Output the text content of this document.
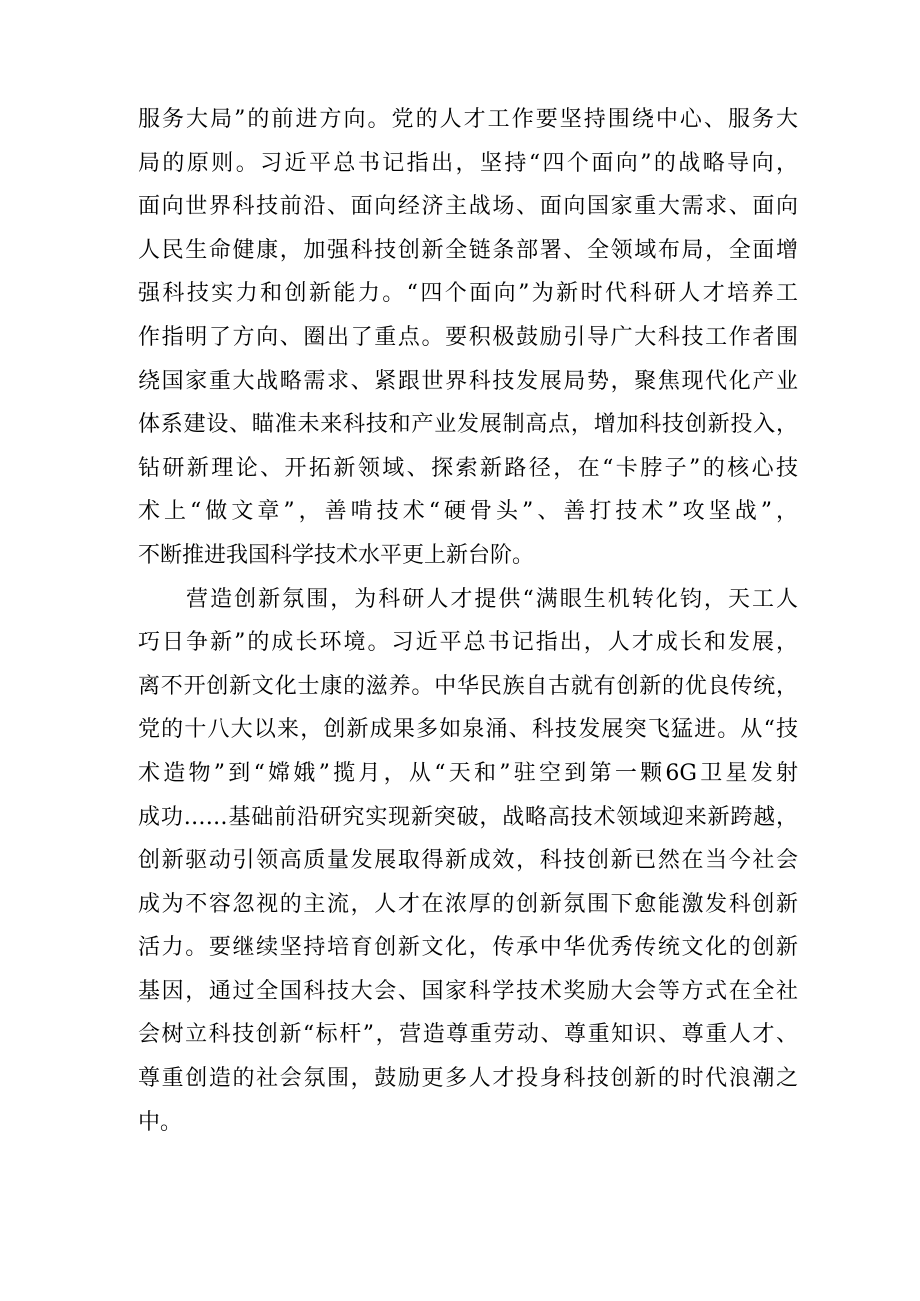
服务大局”的前进方向。党的人才工作要坚持围绕中心、服务大
局的原则。习近平总书记指出，坚持“四个面向”的战略导向，
面向世界科技前沿、面向经济主战场、面向国家重大需求、面向
人民生命健康，加强科技创新全链条部署、全领域布局，全面增
强科技实力和创新能力。“四个面向”为新时代科研人才培养工
作指明了方向、圈出了重点。要积极鼓励引导广大科技工作者围
绕国家重大战略需求、紧跟世界科技发展局势，聚焦现代化产业
体系建设、瞄准未来科技和产业发展制高点，增加科技创新投入，
钻研新理论、开拓新领域、探索新路径，在“卡脖子”的核心技
术上“做文章”，善啃技术“硬骨头”、善打技术”攻坚战”，
不断推进我国科学技术水平更上新台阶。
　　营造创新氛围，为科研人才提供“满眼生机转化钧，天工人
巧日争新”的成长环境。习近平总书记指出，人才成长和发展，
离不开创新文化士康的滋养。中华民族自古就有创新的优良传统，
党的十八大以来，创新成果多如泉涌、科技发展突飞猛进。从“技
术造物”到“嫦娥”揽月，从“天和”驻空到第一颗6G卫星发射
成功……基础前沿研究实现新突破，战略高技术领域迎来新跨越，
创新驱动引领高质量发展取得新成效，科技创新已然在当今社会
成为不容忽视的主流，人才在浓厚的创新氛围下愈能激发科创新
活力。要继续坚持培育创新文化，传承中华优秀传统文化的创新
基因，通过全国科技大会、国家科学技术奖励大会等方式在全社
会树立科技创新“标杆”，营造尊重劳动、尊重知识、尊重人才、
尊重创造的社会氛围，鼓励更多人才投身科技创新的时代浪潮之
中。
